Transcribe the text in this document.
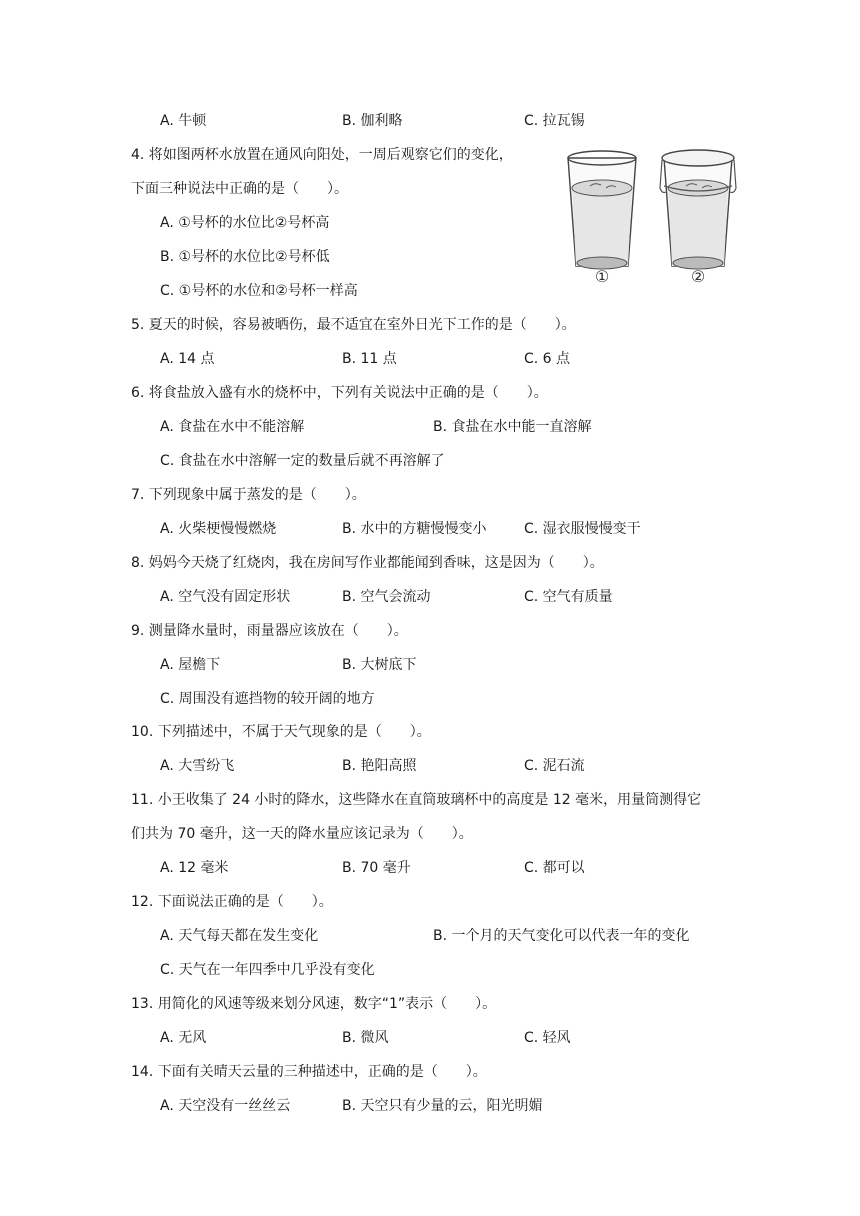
A. 牛顿	B. 伽利略	C. 拉瓦锡
4. 将如图两杯水放置在通风向阳处，一周后观察它们的变化，
下面三种说法中正确的是（　　）。
A. ①号杯的水位比②号杯高
B. ①号杯的水位比②号杯低
C. ①号杯的水位和②号杯一样高
①	②
5. 夏天的时候，容易被晒伤，最不适宜在室外日光下工作的是（　　）。
A. 14 点	B. 11 点	C. 6 点
6. 将食盐放入盛有水的烧杯中，下列有关说法中正确的是（　　）。
A. 食盐在水中不能溶解	B. 食盐在水中能一直溶解
C. 食盐在水中溶解一定的数量后就不再溶解了
7. 下列现象中属于蒸发的是（　　）。
A. 火柴梗慢慢燃烧	B. 水中的方糖慢慢变小	C. 湿衣服慢慢变干
8. 妈妈今天烧了红烧肉，我在房间写作业都能闻到香味，这是因为（　　）。
A. 空气没有固定形状	B. 空气会流动	C. 空气有质量
9. 测量降水量时，雨量器应该放在（　　）。
A. 屋檐下	B. 大树底下
C. 周围没有遮挡物的较开阔的地方
10. 下列描述中，不属于天气现象的是（　　）。
A. 大雪纷飞	B. 艳阳高照	C. 泥石流
11. 小王收集了 24 小时的降水，这些降水在直筒玻璃杯中的高度是 12 毫米，用量筒测得它
们共为 70 毫升，这一天的降水量应该记录为（　　）。
A. 12 毫米	B. 70 毫升	C. 都可以
12. 下面说法正确的是（　　）。
A. 天气每天都在发生变化	B. 一个月的天气变化可以代表一年的变化
C. 天气在一年四季中几乎没有变化
13. 用简化的风速等级来划分风速，数字“1”表示（　　）。
A. 无风	B. 微风	C. 轻风
14. 下面有关晴天云量的三种描述中，正确的是（　　）。
A. 天空没有一丝丝云	B. 天空只有少量的云，阳光明媚
